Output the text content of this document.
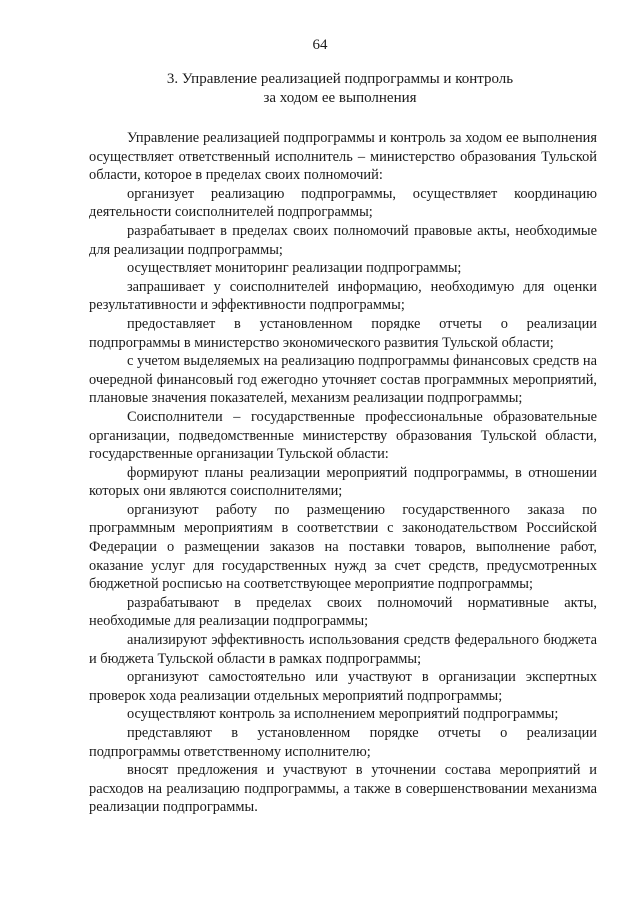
64
3. Управление реализацией подпрограммы и контроль
за ходом ее выполнения

Управление реализацией подпрограммы и контроль за ходом ее выполнения осуществляет ответственный исполнитель – министерство образования Тульской области, которое в пределах своих полномочий:

организует реализацию подпрограммы, осуществляет координацию деятельности соисполнителей подпрограммы;

разрабатывает в пределах своих полномочий правовые акты, необходимые для реализации подпрограммы;

осуществляет мониторинг реализации подпрограммы;

запрашивает у соисполнителей информацию, необходимую для оценки результативности и эффективности подпрограммы;

предоставляет в установленном порядке отчеты о реализации подпрограммы в министерство экономического развития Тульской области;

с учетом выделяемых на реализацию подпрограммы финансовых средств на очередной финансовый год ежегодно уточняет состав программных мероприятий, плановые значения показателей, механизм реализации подпрограммы;

Соисполнители – государственные профессиональные образовательные организации, подведомственные министерству образования Тульской области, государственные организации Тульской области:

формируют планы реализации мероприятий подпрограммы, в отношении которых они являются соисполнителями;

организуют работу по размещению государственного заказа по программным мероприятиям в соответствии с законодательством Российской Федерации о размещении заказов на поставки товаров, выполнение работ, оказание услуг для государственных нужд за счет средств, предусмотренных бюджетной росписью на соответствующее мероприятие подпрограммы;

разрабатывают в пределах своих полномочий нормативные акты, необходимые для реализации подпрограммы;

анализируют эффективность использования средств федерального бюджета и бюджета Тульской области в рамках подпрограммы;

организуют самостоятельно или участвуют в организации экспертных проверок хода реализации отдельных мероприятий подпрограммы;

осуществляют контроль за исполнением мероприятий подпрограммы;

представляют в установленном порядке отчеты о реализации подпрограммы ответственному исполнителю;

вносят предложения и участвуют в уточнении состава мероприятий и расходов на реализацию подпрограммы, а также в совершенствовании механизма реализации подпрограммы.
